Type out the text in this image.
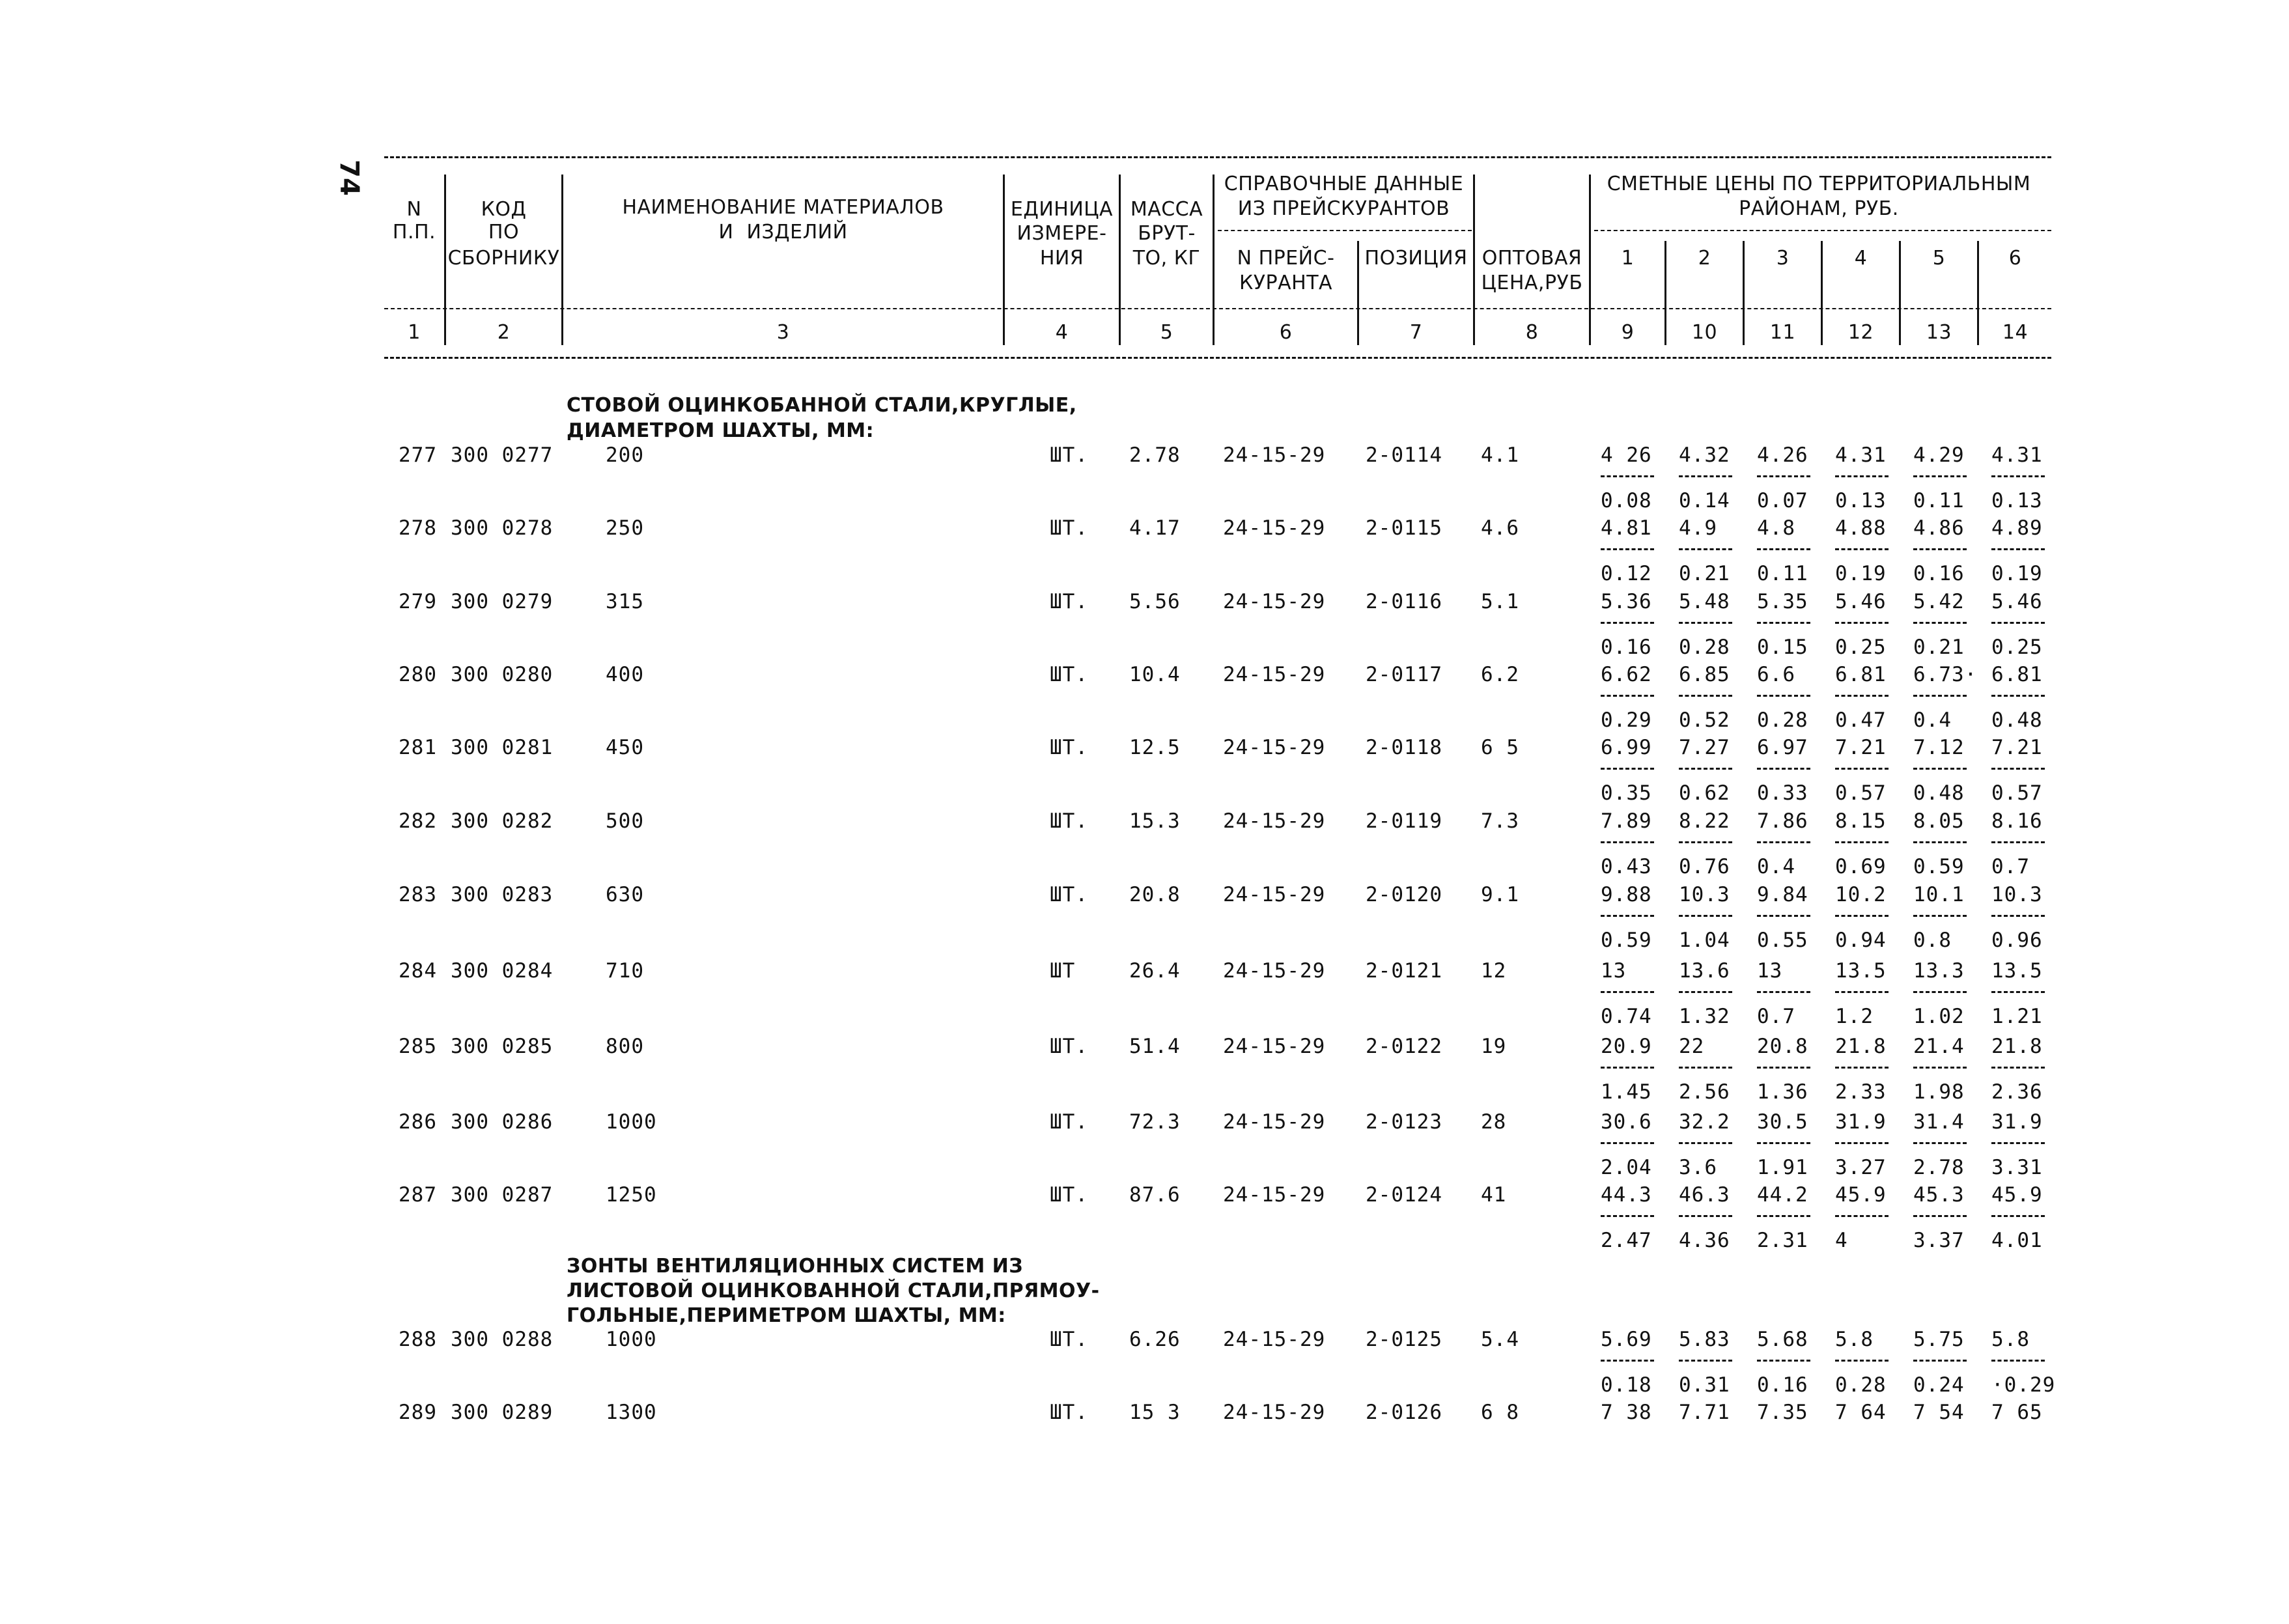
74
N
П.П.
КОД
ПО
СБОРНИКУ
НАИМЕНОВАНИЕ МАТЕРИАЛОВ
И  ИЗДЕЛИЙ
ЕДИНИЦА
ИЗМЕРЕ-
НИЯ
МАССА
БРУТ-
ТО, КГ
СПРАВОЧНЫЕ ДАННЫЕ
ИЗ ПРЕЙСКУРАНТОВ
N ПРЕЙС-
КУРАНТА
ПОЗИЦИЯ ОПТОВАЯ
ЦЕНА,РУБ
СМЕТНЫЕ ЦЕНЫ ПО ТЕРРИТОРИАЛЬНЫМ
РАЙОНАМ, РУБ.
1	2	3	4	5	6
1	2	3	4	5	6	7	8	9	10	11	12	13	14
СТОВОЙ ОЦИНКОБАННОЙ СТАЛИ,КРУГЛЫЕ,
ДИАМЕТРОМ ШАХТЫ, ММ:
ЗОНТЫ ВЕНТИЛЯЦИОННЫХ СИСТЕМ ИЗ
ЛИСТОВОЙ ОЦИНКОВАННОЙ СТАЛИ,ПРЯМОУ-
ГОЛЬНЫЕ,ПЕРИМЕТРОМ ШАХТЫ, ММ:
277 300 0277	200	ШТ. 2.78 24-15-29 2-0114 4.1	4 26 4.32 4.26 4.31 4.29 4.31
0.08 0.14 0.07 0.13 0.11 0.13
278 300 0278	250	ШТ. 4.17 24-15-29 2-0115 4.6	4.81 4.9 4.8 4.88 4.86 4.89
0.12 0.21 0.11 0.19 0.16 0.19
279 300 0279	315	ШТ. 5.56 24-15-29 2-0116 5.1	5.36 5.48 5.35 5.46 5.42 5.46
0.16 0.28 0.15 0.25 0.21 0.25
280 300 0280	400	ШТ. 10.4 24-15-29 2-0117 6.2	6.62 6.85 6.6 6.81 6.73· 6.81
0.29 0.52 0.28 0.47 0.4 0.48
281 300 0281	450	ШТ. 12.5 24-15-29 2-0118 6 5	6.99 7.27 6.97 7.21 7.12 7.21
0.35 0.62 0.33 0.57 0.48 0.57
282 300 0282	500	ШТ. 15.3 24-15-29 2-0119 7.3	7.89 8.22 7.86 8.15 8.05 8.16
0.43 0.76 0.4 0.69 0.59 0.7
283 300 0283	630	ШТ. 20.8 24-15-29 2-0120 9.1	9.88 10.3 9.84 10.2 10.1 10.3
0.59 1.04 0.55 0.94 0.8 0.96
284 300 0284	710	ШТ	26.4 24-15-29 2-0121 12	13	13.6 13	13.5 13.3 13.5
0.74 1.32 0.7 1.2 1.02 1.21
285 300 0285	800	ШТ. 51.4 24-15-29 2-0122 19	20.9 22	20.8 21.8 21.4 21.8
1.45 2.56 1.36 2.33 1.98 2.36
286 300 0286	1000	ШТ. 72.3 24-15-29 2-0123 28	30.6 32.2 30.5 31.9 31.4 31.9
2.04 3.6 1.91 3.27 2.78 3.31
287 300 0287	1250	ШТ. 87.6 24-15-29 2-0124 41	44.3 46.3 44.2 45.9 45.3 45.9
2.47 4.36 2.31 4	3.37 4.01
288 300 0288	1000	ШТ. 6.26 24-15-29 2-0125 5.4	5.69 5.83 5.68 5.8 5.75 5.8
0.18 0.31 0.16 0.28 0.24 ·0.29
289 300 0289	1300	ШТ. 15 3 24-15-29 2-0126 6 8	7 38 7.71 7.35 7 64 7 54 7 65
